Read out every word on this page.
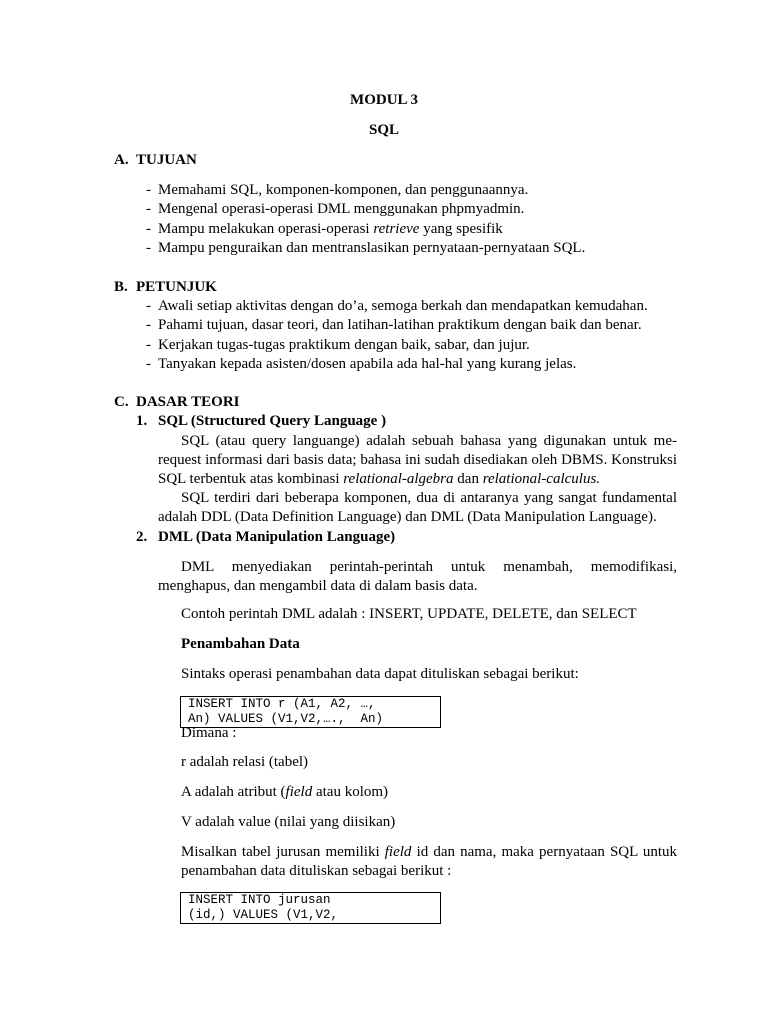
MODUL 3
SQL
A. TUJUAN
- Memahami SQL, komponen-komponen, dan penggunaannya.
- Mengenal operasi-operasi DML menggunakan phpmyadmin.
- Mampu melakukan operasi-operasi retrieve yang spesifik
- Mampu penguraikan dan mentranslasikan pernyataan-pernyataan SQL.
B. PETUNJUK
- Awali setiap aktivitas dengan do’a, semoga berkah dan mendapatkan kemudahan.
- Pahami tujuan, dasar teori, dan latihan-latihan praktikum dengan baik dan benar.
- Kerjakan tugas-tugas praktikum dengan baik, sabar, dan jujur.
- Tanyakan kepada asisten/dosen apabila ada hal-hal yang kurang jelas.
C. DASAR TEORI
1. SQL (Structured Query Language )
SQL (atau query languange) adalah sebuah bahasa yang digunakan untuk me-request informasi dari basis data; bahasa ini sudah disediakan oleh DBMS. Konstruksi SQL terbentuk atas kombinasi relational-algebra dan relational-calculus.
SQL terdiri dari beberapa komponen, dua di antaranya yang sangat fundamental adalah DDL (Data Definition Language) dan DML (Data Manipulation Language).
2. DML (Data Manipulation Language)
DML menyediakan perintah-perintah untuk menambah, memodifikasi, menghapus, dan mengambil data di dalam basis data.
Contoh perintah DML adalah : INSERT, UPDATE, DELETE, dan SELECT
Penambahan Data
Sintaks operasi penambahan data dapat dituliskan sebagai berikut:
INSERT INTO r (A1, A2, …,
An) VALUES (V1,V2,….,  An)
Dimana :
r adalah relasi (tabel)
A adalah atribut (field atau kolom)
V adalah value (nilai yang diisikan)
Misalkan tabel jurusan memiliki field id dan nama, maka pernyataan SQL untuk penambahan data dituliskan sebagai berikut :
INSERT INTO jurusan
(id,) VALUES (V1,V2,
